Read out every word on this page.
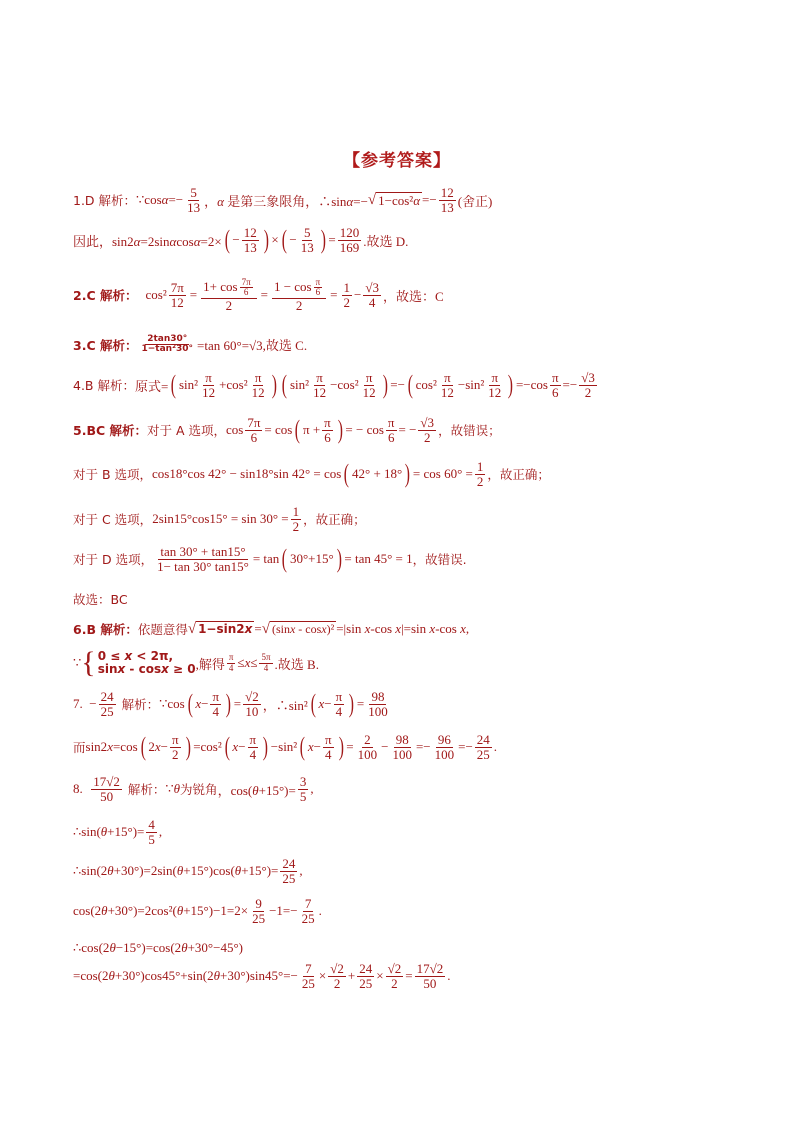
【参考答案】
1.D 解析： ∵cosα=− $\frac{5}{13}$ ，α 是第三象限角，∴sinα=− √ $1-\cos^2\alpha =- \frac{12}{13}$ (舍正)
因此，sin2α=2sinαcosα=2× ( − $\frac{12}{13}$ ) × ( − $\frac{5}{13}$ ) = $\frac{120}{169}$ .故选 D.
2.C 解析： $\cos^2 \frac{7\pi}{12} = \frac{1+ \cos \frac{7\pi}{6}}{2} = \frac{1 - \cos \frac{\pi}{6}}{2} = \frac{1}{2} - \frac{√3}{4}$ ，故选：C
3.C 解析： $\frac{2\tan 30^\circ}{\text{1−tan²30°}} =\tan$ 60°=√3,故选 C.
4.B 解析： 原式= ( $\sin^2 \frac{\pi}{12} +\cos^2 \frac{\pi}{12}$ ) ( $\sin^2 \frac{\pi}{12} -\cos^2 \frac{\pi}{12}$ ) =− ( $\cos^2 \frac{\pi}{12} -\sin^2 \frac{\pi}{12}$ ) $=-\cos \frac{\pi}{6} =- \frac{√3}{2}$
5.BC 解析： 对于 A 选项， $\cos \frac{7\pi}{6} = \cos$ ( $\pi + \frac{\pi}{6}$ ) = − $\cos \frac{\pi}{6}$ = − $\frac{√3}{2}$ ，故错误；
对于 B 选项， cos18°cos 42° − sin18°sin 42° = cos ( 42° + 18° ) = $\cos 60^\circ = \frac{1}{2}$ ，故正确；
对于 C 选项， $2\sin 15^\circ\cos 15^\circ = \sin 30^\circ = \frac{1}{2}$ ，故正确；
对于 D 选项， $\frac{\tan 30^\circ + \tan 15^\circ}{1- \tan 30^\circ \tan 15^\circ} = \tan$ ( 30°+15° ) = tan 45° = 1 ，故错误.
故选：BC
6.B 解析： 依题意得 √ 1−sin2x = √ (sinx - cosx)² =|sin x-cos x|=sin x-cos x,
∵ { 0 ≤ x < 2π,
sinx - cosx ≥ 0 ,解得 $\frac{\pi}{4} \le x\le \frac{5\pi}{4}$ .故选 B.
7.  − $\frac{24}{25}$ 解析： ∵cos ( $x- \frac{\pi}{4}$ ) = $\frac{√2}{10}$ ，∴sin² ( $x- \frac{\pi}{4}$ ) = $\frac{98}{100}$
而 sin2x=cos ( $2x- \frac{\pi}{2}$ ) =cos² ( $x- \frac{\pi}{4}$ ) −sin² ( $x- \frac{\pi}{4}$ ) = $\frac{2}{100} - \frac{98}{100} =- \frac{96}{100} =- \frac{24}{25}$ .
8. $\frac{17√2}{50}$ 解析： ∵θ 为锐角 ，$\cos(\theta+15^\circ)= \frac{3}{5}$ ,
∴sin(θ+15°)= $\frac{4}{5}$ ,
∴sin(2θ+30°)=2sin(θ+15°)cos(θ+15°)= $\frac{24}{25}$ ,
$\cos(2\theta+30^\circ)=2\cos^2(\theta+15^\circ)-1=2\times \frac{9}{25} -1=- \frac{7}{25}$ .
∴cos(2θ−15°)=cos(2θ+30°−45°)
$=\cos(2\theta+30^\circ)\cos 45^\circ+\sin(2\theta+30^\circ)\sin 45^\circ=- \frac{7}{25} \times \frac{√2}{2} + \frac{24}{25} \times \frac{√2}{2} = \frac{17√2}{50}$ .
